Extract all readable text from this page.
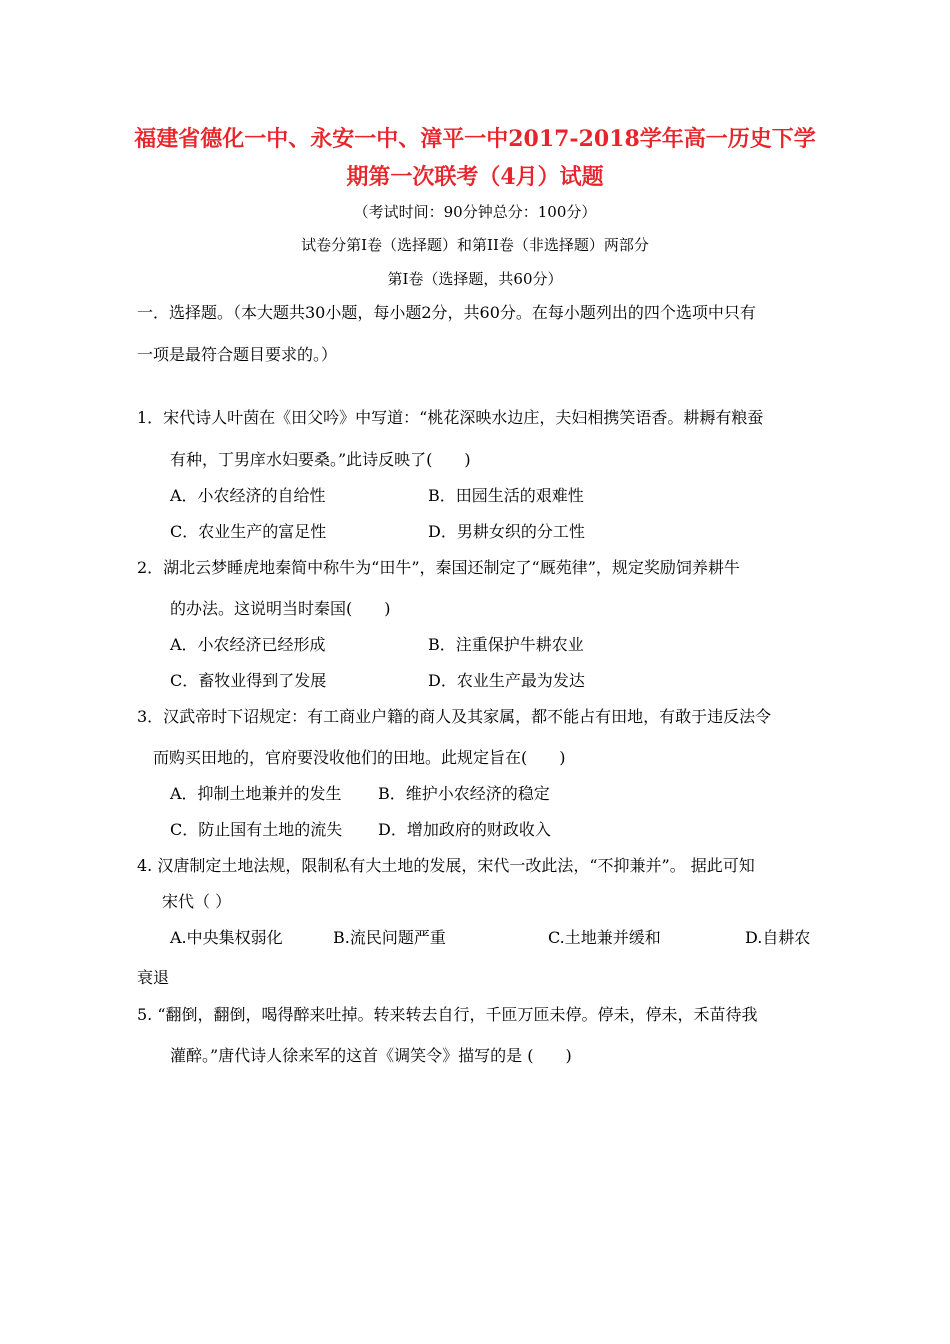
福建省德化一中、永安一中、漳平一中2017-2018学年高一历史下学
期第一次联考（4月）试题
（考试时间：90分钟总分：100分）
试卷分第I卷（选择题）和第II卷（非选择题）两部分
第I卷（选择题，共60分）
一．选择题。（本大题共30小题，每小题2分，共60分。在每小题列出的四个选项中只有
一项是最符合题目要求的。）
1．宋代诗人叶茵在《田父吟》中写道：“桃花深映水边庄，夫妇相携笑语香。耕耨有粮蚕
有种，丁男庠水妇要桑。”此诗反映了(　　)
A．小农经济的自给性	B．田园生活的艰难性
C．农业生产的富足性	D．男耕女织的分工性
2．湖北云梦睡虎地秦简中称牛为“田牛”，秦国还制定了“厩苑律”，规定奖励饲养耕牛
的办法。这说明当时秦国(　　)
A．小农经济已经形成	B．注重保护牛耕农业
C．畜牧业得到了发展	D．农业生产最为发达
3．汉武帝时下诏规定：有工商业户籍的商人及其家属，都不能占有田地，有敢于违反法令
而购买田地的，官府要没收他们的田地。此规定旨在(　　)
A．抑制土地兼并的发生 B．维护小农经济的稳定
C．防止国有土地的流失 D．增加政府的财政收入
4. 汉唐制定土地法规，限制私有大土地的发展，宋代一改此法，“不抑兼并”。 据此可知
宋代（ ）
A.中央集权弱化	B.流民问题严重	C.土地兼并缓和	D.自耕农
衰退
5. “翻倒，翻倒，喝得醉来吐掉。转来转去自行，千匝万匝未停。停未，停未，禾苗待我
灌醉。”唐代诗人徐来军的这首《调笑令》描写的是 (　　)
